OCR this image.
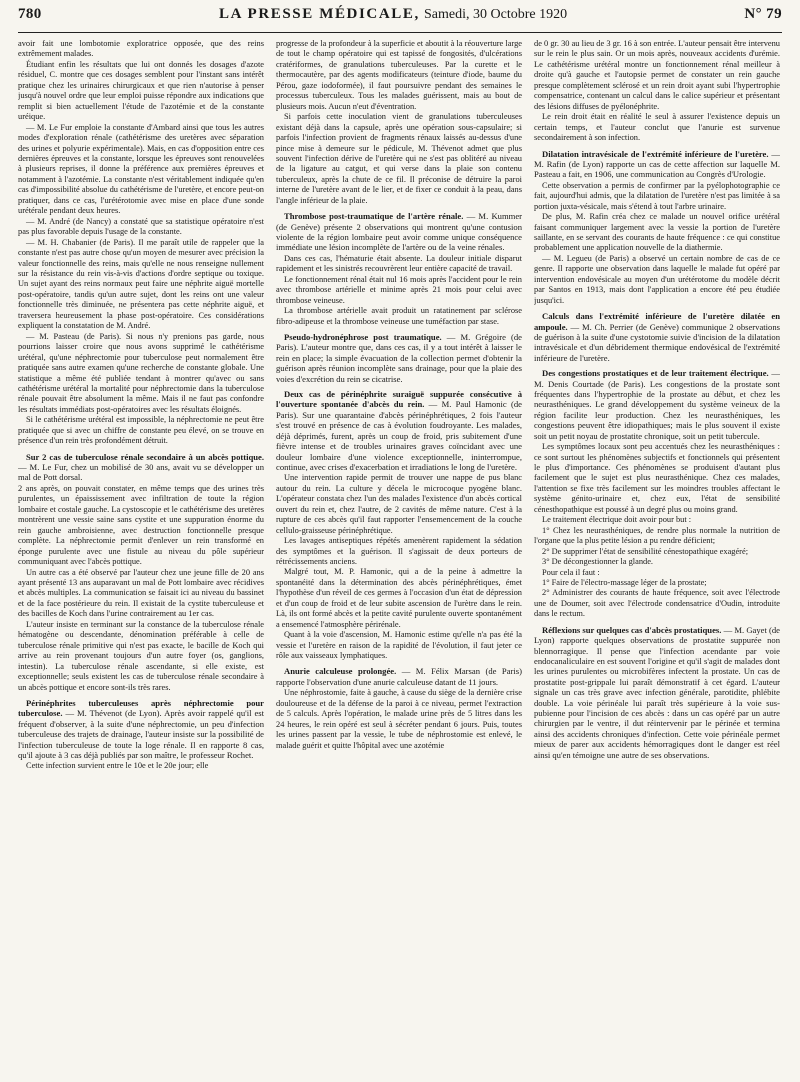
780	LA PRESSE MÉDICALE, Samedi, 30 Octobre 1920	N° 79

avoir fait une lombotomie exploratrice opposée, que des reins extrêmement malades.

Étudiant enfin les résultats que lui ont donnés les dosages d'azote résiduel, C. montre que ces dosages semblent pour l'instant sans intérêt pratique chez les urinaires chirurgicaux et que rien n'autorise à penser jusqu'à nouvel ordre que leur emploi puisse répondre aux indications que remplit si bien actuellement l'étude de l'azotémie et de la constante uréique.

— M. Le Fur emploie la constante d'Ambard ainsi que tous les autres modes d'exploration rénale (cathétérisme des uretères avec séparation des urines et polyurie expérimentale). Mais, en cas d'opposition entre ces dernières épreuves et la constante, lorsque les épreuves sont renouvelées à plusieurs reprises, il donne la préférence aux premières épreuves et notamment à l'azotémie. La constante n'est véritablement indiquée qu'en cas d'impossibilité absolue du cathétérisme de l'uretère, et encore peut-on pratiquer, dans ce cas, l'urétérotomie avec mise en place d'une sonde urétérale pendant deux heures.

— M. André (de Nancy) a constaté que sa statistique opératoire n'est pas plus favorable depuis l'usage de la constante.

— M. H. Chabanier (de Paris). Il me paraît utile de rappeler que la constante n'est pas autre chose qu'un moyen de mesurer avec précision la valeur fonctionnelle des reins, mais qu'elle ne nous renseigne nullement sur la résistance du rein vis-à-vis d'actions d'ordre septique ou toxique. Un sujet ayant des reins normaux peut faire une néphrite aiguë mortelle post-opératoire, tandis qu'un autre sujet, dont les reins ont une valeur fonctionnelle très diminuée, ne présentera pas cette néphrite aiguë, et traversera heureusement la phase post-opératoire. Ces considérations expliquent la constatation de M. André.

— M. Pasteau (de Paris). Si nous n'y prenions pas garde, nous pourrions laisser croire que nous avons supprimé le cathétérisme urétéral, qu'une néphrectomie pour tuberculose peut normalement être pratiquée sans autre examen qu'une recherche de constante globale. Une statistique a même été publiée tendant à montrer qu'avec ou sans cathétérisme urétéral la mortalité pour néphrectomie dans la tuberculose rénale pouvait être absolument la même. Mais il ne faut pas confondre les résultats immédiats post-opératoires avec les résultats éloignés.

Si le cathétérisme urétéral est impossible, la néphrectomie ne peut être pratiquée que si avec un chiffre de constante peu élevé, on se trouve en présence d'un rein très profondément détruit.

Sur 2 cas de tuberculose rénale secondaire à un abcès pottique. — M. Le Fur, chez un mobilisé de 30 ans, avait vu se développer un mal de Pott dorsal.

2 ans après, on pouvait constater, en même temps que des urines très purulentes, un épaississement avec infiltration de toute la région lombaire et costale gauche. La cystoscopie et le cathétérisme des uretères montrèrent une vessie saine sans cystite et une suppuration énorme du rein gauche ambroisienne, avec destruction fonctionnelle presque complète. La néphrectomie permit d'enlever un rein transformé en éponge purulente avec une fistule au niveau du pôle supérieur communiquant avec l'abcès pottique.

Un autre cas a été observé par l'auteur chez une jeune fille de 20 ans ayant présenté 13 ans auparavant un mal de Pott lombaire avec récidives et abcès multiples. La communication se faisait ici au niveau du bassinet et de la face postérieure du rein. Il existait de la cystite tuberculeuse et des bacilles de Koch dans l'urine contrairement au 1er cas.

L'auteur insiste en terminant sur la constance de la tuberculose rénale hématogène ou descendante, dénomination préférable à celle de tuberculose rénale primitive qui n'est pas exacte, le bacille de Koch qui arrive au rein provenant toujours d'un autre foyer (os, ganglions, intestin). La tuberculose rénale ascendante, si elle existe, est exceptionnelle; seuls existent les cas de tuberculose rénale secondaire à un abcès pottique et encore sont-ils très rares.

Périnéphrites tuberculeuses après néphrectomie pour tuberculose. — M. Thévenot (de Lyon). Après avoir rappelé qu'il est fréquent d'observer, à la suite d'une néphrectomie, un peu d'infection tuberculeuse des trajets de drainage, l'auteur insiste sur la possibilité de l'infection tuberculeuse de toute la loge rénale. Il en rapporte 8 cas, qu'il ajoute à 3 cas déjà publiés par son maître, le professeur Rochet.

Cette infection survient entre le 10e et le 20e jour; elle

progresse de la profondeur à la superficie et aboutit à la réouverture large de tout le champ opératoire qui est tapissé de fongosités, d'ulcérations cratériformes, de granulations tuberculeuses. Par la curette et le thermocautère, par des agents modificateurs (teinture d'iode, baume du Pérou, gaze iodoformée), il faut poursuivre pendant des semaines le processus tuberculeux. Tous les malades guérissent, mais au bout de plusieurs mois. Aucun n'eut d'éventration.

Si parfois cette inoculation vient de granulations tuberculeuses existant déjà dans la capsule, après une opération sous-capsulaire; si parfois l'infection provient de fragments rénaux laissés au-dessus d'une pince mise à demeure sur le pédicule, M. Thévenot admet que plus souvent l'infection dérive de l'uretère qui ne s'est pas oblitéré au niveau de la ligature au catgut, et qui verse dans la plaie son contenu tuberculeux, après la chute de ce fil. Il préconise de détruire la paroi interne de l'uretère avant de le lier, et de fixer ce conduit à la peau, dans l'angle inférieur de la plaie.

Thrombose post-traumatique de l'artère rénale. — M. Kummer (de Genève) présente 2 observations qui montrent qu'une contusion violente de la région lombaire peut avoir comme unique conséquence immédiate une lésion incomplète de l'artère ou de la veine rénales.

Dans ces cas, l'hématurie était absente. La douleur initiale disparut rapidement et les sinistrés recouvrèrent leur entière capacité de travail.

Le fonctionnement rénal était nul 16 mois après l'accident pour le rein avec thrombose artérielle et minime après 21 mois pour celui avec thrombose veineuse.

La thrombose artérielle avait produit un ratatinement par sclérose fibro-adipeuse et la thrombose veineuse une tuméfaction par stase.

Pseudo-hydronéphrose post traumatique. — M. Grégoire (de Paris). L'auteur montre que, dans ces cas, il y a tout intérêt à laisser le rein en place; la simple évacuation de la collection permet d'obtenir la guérison après réunion incomplète sans drainage, pour que la plaie des voies d'excrétion du rein se cicatrise.
Deux cas de périnéphrite suraiguë suppurée consécutive à l'ouverture spontanée d'abcès du rein. — M. Paul Hamonic (de Paris). Sur une quarantaine d'abcès périnéphrétiques, 2 fois l'auteur s'est trouvé en présence de cas à évolution foudroyante. Les malades, déjà déprimés, furent, après un coup de froid, pris subitement d'une fièvre intense et de troubles urinaires graves coïncidant avec une douleur lombaire d'une violence exceptionnelle, ininterrompue, continue, avec crises d'exacerbation et irradiations le long de l'uretère.

Une intervention rapide permit de trouver une nappe de pus blanc autour du rein. La culture y décela le microcoque pyogène blanc. L'opérateur constata chez l'un des malades l'existence d'un abcès cortical ouvert du rein et, chez l'autre, de 2 cavités de même nature. C'est à la rupture de ces abcès qu'il faut rapporter l'ensemencement de la couche cellulo-graisseuse périnéphrétique.

Les lavages antiseptiques répétés amenèrent rapidement la sédation des symptômes et la guérison. Il s'agissait de deux porteurs de rétrécissements anciens.

Malgré tout, M. P. Hamonic, qui a de la peine à admettre la spontanéité dans la détermination des abcès périnéphrétiques, émet l'hypothèse d'un réveil de ces germes à l'occasion d'un état de dépression et d'un coup de froid et de leur subite ascension de l'urètre dans le rein. Là, ils ont formé abcès et la petite cavité purulente ouverte spontanément a ensemencé l'atmosphère périrénale.

Quant à la voie d'ascension, M. Hamonic estime qu'elle n'a pas été la vessie et l'uretère en raison de la rapidité de l'évolution, il faut jeter ce rôle aux vaisseaux lymphatiques.

Anurie calculeuse prolongée. — M. Félix Marsan (de Paris) rapporte l'observation d'une anurie calculeuse datant de 11 jours.

Une néphrostomie, faite à gauche, à cause du siège de la dernière crise douloureuse et de la défense de la paroi à ce niveau, permet l'extraction de 5 calculs. Après l'opération, le malade urine près de 5 litres dans les 24 heures, le rein opéré est seul à sécréter pendant 6 jours. Puis, toutes les urines passent par la vessie, le tube de néphrostomie est enlevé, le malade guérit et quitte l'hôpital avec une azotémie

de 0 gr. 30 au lieu de 3 gr. 16 à son entrée. L'auteur pensait être intervenu sur le rein le plus sain. Or un mois après, nouveaux accidents d'urémie. Le cathétérisme urétéral montre un fonctionnement rénal meilleur à droite qu'à gauche et l'autopsie permet de constater un rein gauche presque complètement sclérosé et un rein droit ayant subi l'hypertrophie compensatrice, contenant un calcul dans le calice supérieur et présentant des lésions diffuses de pyélonéphrite.

Le rein droit était en réalité le seul à assurer l'existence depuis un certain temps, et l'auteur conclut que l'anurie est survenue secondairement à son infection.

Dilatation intravésicale de l'extrémité inférieure de l'uretère. — M. Rafin (de Lyon) rapporte un cas de cette affection sur laquelle M. Pasteau a fait, en 1906, une communication au Congrès d'Urologie.

Cette observation a permis de confirmer par la pyélophotographie ce fait, aujourd'hui admis, que la dilatation de l'uretère n'est pas limitée à sa portion juxta-vésicale, mais s'étend à tout l'arbre urinaire.

De plus, M. Rafin créa chez ce malade un nouvel orifice urétéral faisant communiquer largement avec la vessie la portion de l'uretère saillante, en se servant des courants de haute fréquence : ce qui constitue probablement une application nouvelle de la diathermie.

— M. Legueu (de Paris) a observé un certain nombre de cas de ce genre. Il rapporte une observation dans laquelle le malade fut opéré par intervention endovésicale au moyen d'un urétérotome du modèle décrit par Santos en 1913, mais dont l'application a encore été peu étudiée jusqu'ici.

Calculs dans l'extrémité inférieure de l'uretère dilatée en ampoule. — M. Ch. Perrier (de Genève) communique 2 observations de guérison à la suite d'une cystotomie suivie d'incision de la dilatation intravésicale et d'un débridement thermique endovésical de l'extrémité inférieure de l'uretère.
Des congestions prostatiques et de leur traitement électrique. — M. Denis Courtade (de Paris). Les congestions de la prostate sont fréquentes dans l'hypertrophie de la prostate au début, et chez les neurasthéniques. Le grand développement du système veineux de la région facilite leur production. Chez les neurasthéniques, les congestions peuvent être idiopathiques; mais le plus souvent il existe soit un petit noyau de prostatite chronique, soit un petit tubercule.

Les symptômes locaux sont peu accentués chez les neurasthéniques : ce sont surtout les phénomènes subjectifs et fonctionnels qui présentent le plus d'importance. Ces phénomènes se produisent d'autant plus facilement que le sujet est plus neurasthénique. Chez ces malades, l'attention se fixe très facilement sur les moindres troubles affectant le système génito-urinaire et, chez eux, l'état de sensibilité cénesthopathique est poussé à un degré plus ou moins grand.

Le traitement électrique doit avoir pour but :

1° Chez les neurasthéniques, de rendre plus normale la nutrition de l'organe que la plus petite lésion a pu rendre déficient;

2° De supprimer l'état de sensibilité cénestopathique exagéré;

3° De décongestionner la glande.

Pour cela il faut :

1° Faire de l'électro-massage léger de la prostate;

2° Administrer des courants de haute fréquence, soit avec l'électrode une de Doumer, soit avec l'électrode condensatrice d'Oudin, introduite dans le rectum.

Réflexions sur quelques cas d'abcès prostatiques. — M. Gayet (de Lyon) rapporte quelques observations de prostatite suppurée non blennorragique. Il pense que l'infection acendante par voie endocanaliculaire en est souvent l'origine et qu'il s'agit de malades dont les urines purulentes ou microbifères infectent la prostate. Un cas de prostatite post-grippale lui paraît démonstratif à cet égard. L'auteur signale un cas très grave avec infection générale, parotidite, phlébite double. La voie périnéale lui paraît très supérieure à la voie sus-pubienne pour l'incision de ces abcès : dans un cas opéré par un autre chirurgien par le ventre, il dut réintervenir par le périnée et termina ainsi des accidents chroniques d'infection. Cette voie périnéale permet mieux de parer aux accidents hémorragiques dont le danger est réel ainsi qu'en témoigne une autre de ses observations.
